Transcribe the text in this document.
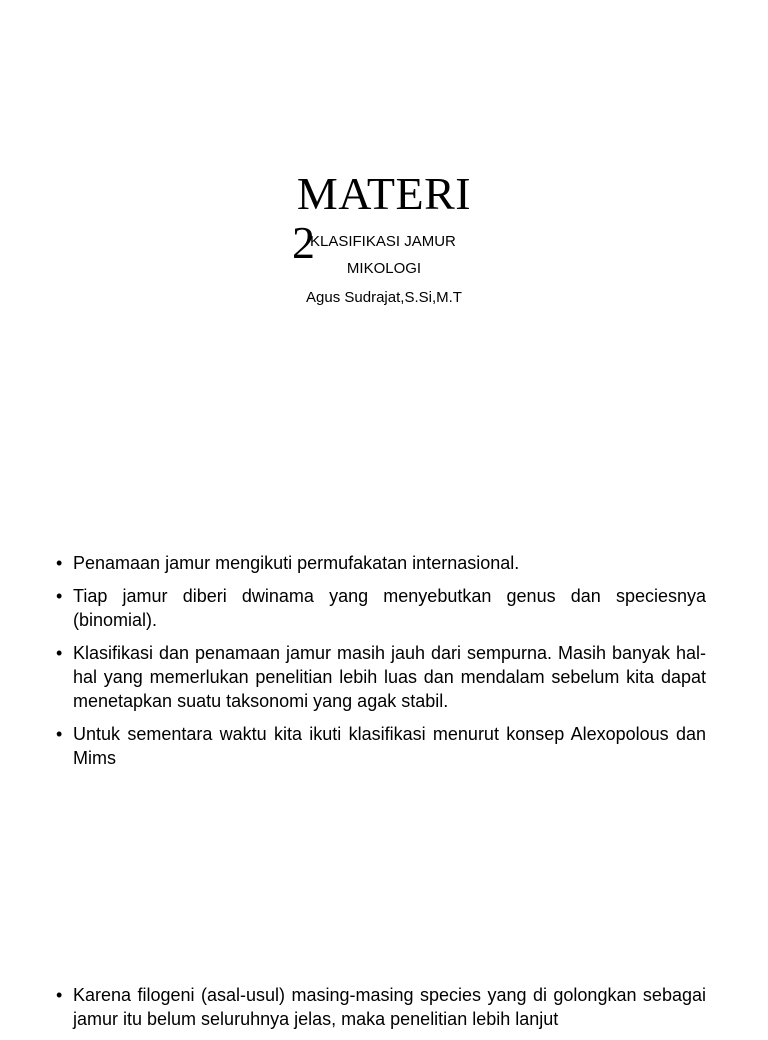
MATERI
2
KLASIFIKASI JAMUR
MIKOLOGI
Agus Sudrajat,S.Si,M.T
• Penamaan jamur mengikuti permufakatan internasional.
• Tiap jamur diberi dwinama yang menyebutkan genus dan speciesnya (binomial).
• Klasifikasi dan penamaan jamur masih jauh dari sempurna. Masih banyak hal-hal yang memerlukan penelitian lebih luas dan mendalam sebelum kita dapat menetapkan suatu taksonomi yang agak stabil.
• Untuk sementara waktu kita ikuti klasifikasi menurut konsep Alexopolous dan Mims
• Karena filogeni (asal-usul) masing-masing species yang di golongkan sebagai jamur itu belum seluruhnya jelas, maka penelitian lebih lanjut
